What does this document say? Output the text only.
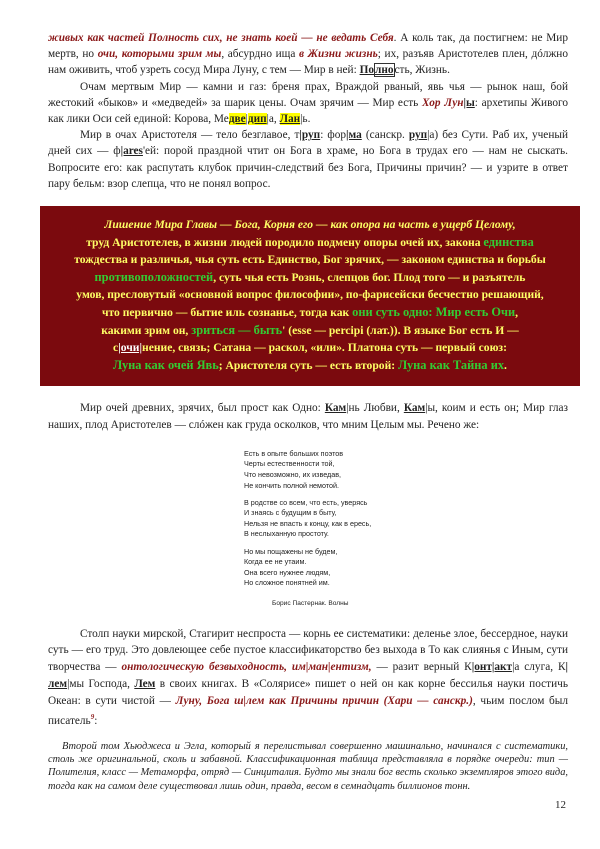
живых как частей Полность сих, не знать коей — не ведать Себя. А коль так, да постигнем: не Мир мертв, но очи, которыми зрим мы, абсурдно ища в Жизни жизнь; их, разъяв Аристотелев плен, дóлжно нам оживить, чтоб узреть сосуд Мира Луну, с тем — Мир в ней: Полность, Жизнь.

Очам мертвым Мир — камни и газ: бреня прах, Враждой рваный, явь чья — рынок наш, бой жестокий «быков» и «медведей» за шарик цены. Очам зрячим — Мир есть Хор Лун|ы: архетипы Живого как лики Оси сей единой: Корова, Медве|дип|а, Лан|ь.

Мир в очах Аристотеля — тело безглавое, т|руп: фор|ма (санскр. руп|а) без Сути. Раб их, ученый дней сих — ф|ares'ей: порой праздной чтит он Бога в храме, но Бога в трудах его — нам не сыскать. Вопросите его: как распутать клубок причин-следствий без Бога, Причины причин? — и узрите в ответ пару бельм: взор слепца, что не понял вопрос.

Лишение Мира Главы — Бога, Корня его — как опора на часть в ущерб Целому,
труд Аристотелев, в жизни людей породило подмену опоры очей их, закона единства
тождества и различья, чья суть есть Единство, Бог зрячих, — законом единства и борьбы
противоположностей, суть чья есть Рознь, слепцов бог. Плод того — и разъятель
умов, пресловутый «основной вопрос философии», по-фарисейски бесчестно решающий,
что первично — бытие иль сознанье, тогда как они суть одно: Мир есть Очи,
какими зрим он, зриться — быть' (esse — percipi (лат.)). В языке Бог есть И —
с|очи|нение, связь; Сатана — раскол, «или». Платона суть — первый союз:
Луна как очей Явь; Аристотеля суть — есть второй: Луна как Тайна их.

Мир очей древних, зрячих, был прост как Одно: Кам|нь Любви, Кам|ы, коим и есть он; Мир глаз наших, плод Аристотелев — слóжен как груда осколков, что мним Целым мы. Речено же:

Есть в опыте больших поэтов
Черты естественности той,
Что невозможно, их изведав,
Не кончить полной немотой.
В родстве со всем, что есть, уверясь
И знаясь с будущим в быту,
Нельзя не впасть к концу, как в ересь,
В неслыханную простоту.
Но мы пощажены не будем,
Когда ее не утаим.
Она всего нужнее людям,
Но сложное понятней им.
Борис Пастернак. Волны

Столп науки мирской, Стагирит неспроста — корнь ее систематики: деленье злое, бессердное, науки суть — его труд. Это довлеющее себе пустое классификаторство без выхода в То как слиянья с Иным, сути творчества — онтологическую безвыходность, им|ман|ентизм, — разит верный К|онт|акт|а слуга, К|лем|мы Господа, Лем в своих книгах. В «Солярисе» пишет о ней он как корне бессилья науки постичь Океан: в сути чистой — Луну, Бога ш|лем как Причины причин (Хари — санскр.), чьим послом был писатель$^9$:

Второй том Хьюджеса и Эгла, который я перелистывал совершенно машинально, начинался с систематики, столь же оригинальной, сколь и забавной. Классификационная таблица представляла в порядке очереди: тип — Полителия, класс — Метаморфа, отряд — Синциталия. Будто мы знали бог весть сколько экземпляров этого вида, тогда как на самом деле существовал лишь один, правда, весом в семнадцать биллионов тонн.

12
